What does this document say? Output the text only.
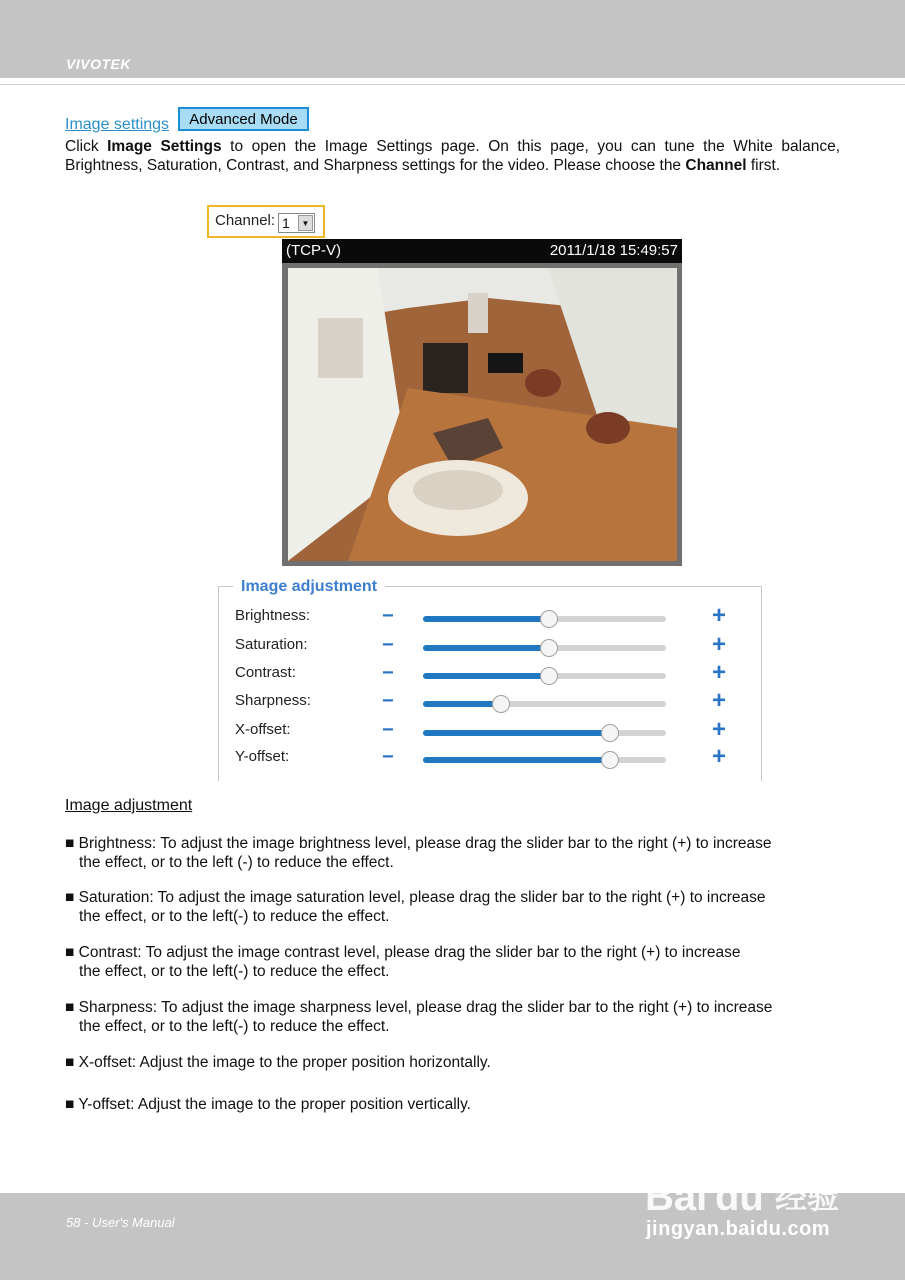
VIVOTEK
Image settings	Advanced Mode
Click Image Settings to open the Image Settings page. On this page, you can tune the White balance, Brightness, Saturation, Contrast, and Sharpness settings for the video. Please choose the Channel first.
Channel: 1	▼
(TCP-V)	2011/1/18 15:49:57
Image adjustment
Brightness:	−	+
Saturation:	−	+
Contrast:	−	+
Sharpness:	−	+
X-offset:	−	+
Y-offset:	−	+
Image adjustment
■ Brightness: To adjust the image brightness level, please drag the slider bar to the right (+) to increase
the effect, or to the left (-) to reduce the effect.
■ Saturation: To adjust the image saturation level, please drag the slider bar to the right (+) to increase
the effect, or to the left(-) to reduce the effect.
■ Contrast: To adjust the image contrast level, please drag the slider bar to the right (+) to increase
the effect, or to the left(-) to reduce the effect.
■ Sharpness: To adjust the image sharpness level, please drag the slider bar to the right (+) to increase
the effect, or to the left(-) to reduce the effect.
■ X-offset: Adjust the image to the proper position horizontally.
■ Y-offset: Adjust the image to the proper position vertically.
58 - User's Manual
Bai du 经验
jingyan.baidu.com
